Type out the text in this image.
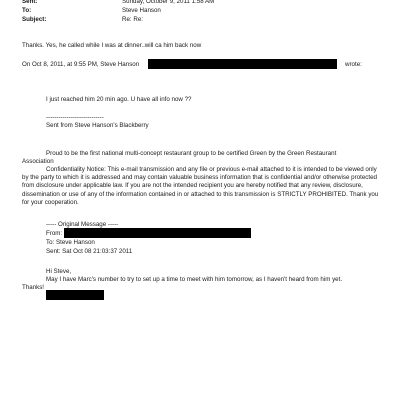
Sent:	Sunday, October 9, 2011 1:58 AM
To:	Steve Hanson
Subject:	Re: Re:
Thanks. Yes, he called while I was at dinner..will ca him back now
On Oct 8, 2011, at 9:55 PM, Steve Hanson	wrote:
I just reached him 20 min ago. U have all info now ??
----------------------------
Sent from Steve Hanson's Blackberry
Proud to be the first national multi-concept restaurant group to be certified Green by the Green Restaurant
Association
Confidentiality Notice: This e-mail transmission and any file or previous e-mail attached to it is intended to be viewed only by the party to which it is addressed and may contain valuable business information that is confidential and/or otherwise protected from disclosure under applicable law. If you are not the intended recipient you are hereby notified that any review, disclosure, dissemination or use of any of the information contained in or attached to this transmission is STRICTLY PROHIBITED. Thank you for your cooperation.
----- Original Message -----
From:
To: Steve Hanson
Sent: Sat Oct 08 21:03:37 2011
Hi Steve,
May I have Marc's number to try to set up a time to meet with him tomorrow, as I haven't heard from him yet.
Thanks!
